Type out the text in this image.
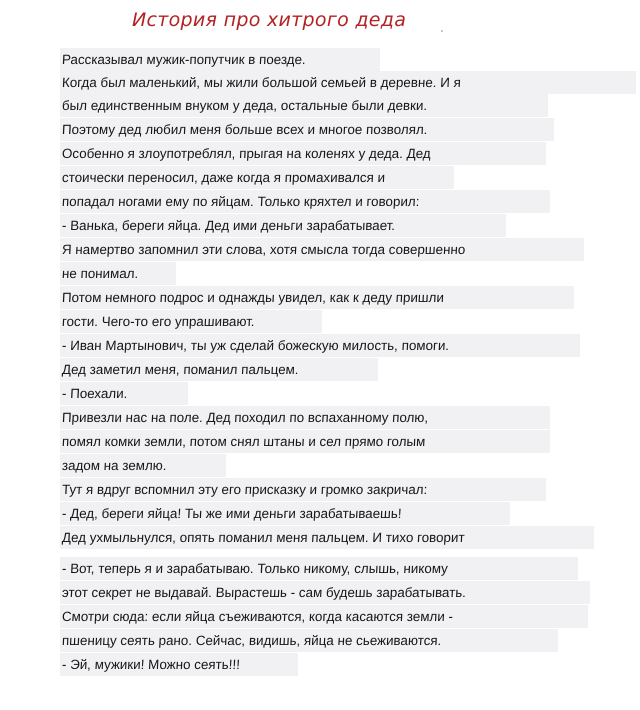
История про хитрого деда
Рассказывал мужик-попутчик в поезде.
Когда был маленький, мы жили большой семьей в деревне. И я
был единственным внуком у деда, остальные были девки.
Поэтому дед любил меня больше всех и многое позволял.
Особенно я злоупотреблял, прыгая на коленях у деда. Дед
стоически переносил, даже когда я промахивался и
попадал ногами ему по яйцам. Только кряхтел и говорил:
- Ванька, береги яйца. Дед ими деньги зарабатывает.
Я намертво запомнил эти слова, хотя смысла тогда совершенно
не понимал.
Потом немного подрос и однажды увидел, как к деду пришли
гости. Чего-то его упрашивают.
- Иван Мартынович, ты уж сделай божескую милость, помоги.
Дед заметил меня, поманил пальцем.
- Поехали.
Привезли нас на поле. Дед походил по вспаханному полю,
помял комки земли, потом снял штаны и сел прямо голым
задом на землю.
Тут я вдруг вспомнил эту его присказку и громко закричал:
- Дед, береги яйца! Ты же ими деньги зарабатываешь!
Дед ухмыльнулся, опять поманил меня пальцем. И тихо говорит
- Вот, теперь я и зарабатываю. Только никому, слышь, никому
этот секрет не выдавай. Вырастешь - сам будешь зарабатывать.
Смотри сюда: если яйца съеживаются, когда касаются земли -
пшеницу сеять рано. Сейчас, видишь, яйца не сьеживаются.
- Эй, мужики! Можно сеять!!!
